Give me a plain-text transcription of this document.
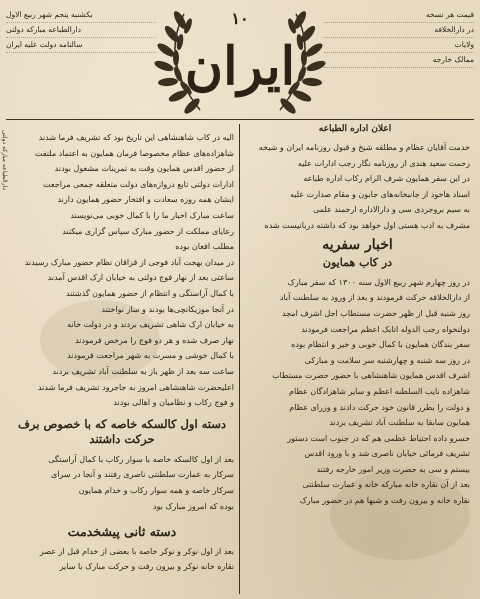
یکشنبه پنجم شهر ربیع الاول
دارالطباعه مبارکه دولتی
سالنامه دولت علیه ایران	ایران
۱۰	قیمت هر نسخه
در دارالخلافه
ولایات
ممالک خارجه
اعلان اداره الطباعه
دارالطباعه مبارکه دولتی	خدمت آقایان عظام و مطلقه شیخ و قبول روزنامه ایران و شیخه

زحمت سعید هندی از روزنامه نگار رجب ادارات علیه

در این سفر همایون شرف الزام رکاب اداره طباعه

اسناد هاخود از جانبخانه‌های جابون و مقام صدارت علیه

به سیم بروجردی سی و دارالاداره ارجمند علمی

مشرف به ادب هستی اول خواهد بود که داشته دربانیست شده

اخبار سفریه
در کاب همایون

در روز چهارم شهر ربیع الاول سنه ۱۳۰۰ که سفر مبارک

از دارالخلافه حرکت فرمودند و بعد از ورود به سلطنت آباد

روز شنبه قبل از ظهر حضرت مستطاب اجل اشرف امجد

دولتخواه رجب الدوله اتابک اعظم مراجعت فرمودند

سفر بندگان همایون با کمال خوبی و خیر و انتظام بوده

در روز سه شنبه و چهارشنبه سر سلامت و مبارکی

اشرف اقدس همایون شاهنشاهی با حضور حضرت مستطاب

شاهزاده نایب السلطنه اعظم و سایر شاهزادگان عظام

و دولت را بطرز قانون خود حرکت دادند و وزرای عظام

همایون سابقا به سلطنت آباد تشریف بردند

خسرو داده احتیاط عظمی هم که در جنوب است دستور

تشریف فرمائی خیابان ناصری شد و با ورود اقدس

بیستم و سی به حضرت وزیر امور خارجه رفتند

بعد از آن نقاره خانه مبارکه خانه و عمارت سلطنتی

نقاره خانه و بیرون رفت و شبها هم در حضور مبارک

الیه در کاب شاهنشاهی این تاریخ بود که تشریف فرما شدند

شاهزاده‌های عظام مخصوصا فرمان همایون به اعتماد ملتفت

از حضور اقدس همایون وقت به تمرینات مشغول بودند

ادارات دولتی تابع دروازه‌های دولت متعلقه جمعی مراجعت

ایشان همه روزه سعادت و افتخار حضور همایون دارند

ساعت مبارک اخبار ما را با کمال خوبی می‌نویسند

رعایای مملکت از حضور مبارک سپاس گزاری میکنند

مطلب افغان بوده

در میدان بهجت آباد فوجی از قزاقان نظام حضور مبارک رسیدند

ساعتی بعد از نهار فوج دولتی به خیابان ارک اقدس آمدند

با کمال آراستگی و انتظام از حضور همایون گذشتند

در آنجا موزیکانچی‌ها بودند و ساز نواختند

به خیابان ارک شاهی تشریف بردند و در دولت خانه

نهار صرف شده و هر دو فوج را مرخص فرمودند

با کمال خوشی و مسرت به شهر مراجعت فرمودند

ساعت سه بعد از ظهر باز به سلطنت آباد تشریف بردند

اعلیحضرت شاهنشاهی امروز به جاجرود تشریف فرما شدند

و فوج رکاب و نظامیان و اهالی بودند

دسته اول کالسکه خاصه که با خصوص برف حرکت داشتند

بعد از اول کالسکه خاصه با سوار رکاب با کمال آراستگی

سرکار به عمارت سلطنتی ناصری رفتند و آنجا در سرای

سرکار خاصه و همه سوار رکاب و خدام همایون

بوده که امروز مبارک بود

دسته ثانی پیشخدمت

بعد از اول نوکر و نوکر خاصه با بعضی از خدام قبل از عصر

نقاره خانه نوکر و بیرون رفت و حرکت مبارک با سایر
